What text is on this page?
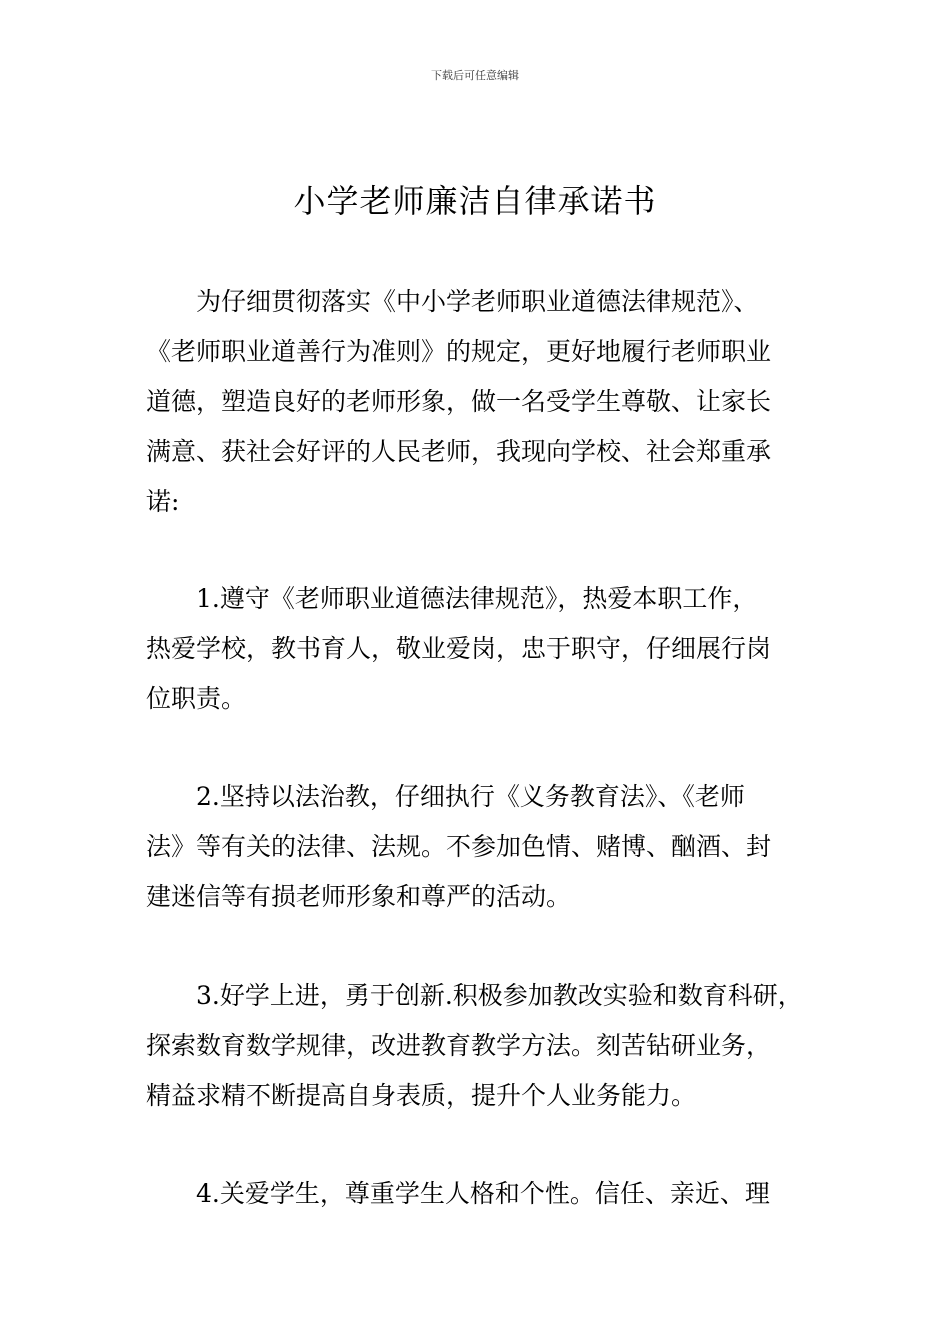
下载后可任意编辑
小学老师廉洁自律承诺书
为仔细贯彻落实《中小学老师职业道德法律规范》、
《老师职业道善行为准则》的规定，更好地履行老师职业
道德，塑造良好的老师形象，做一名受学生尊敬、让家长
满意、获社会好评的人民老师，我现向学校、社会郑重承
诺:
1.遵守《老师职业道德法律规范》，热爱本职工作，
热爱学校，教书育人，敬业爱岗，忠于职守，仔细展行岗
位职责。
2.坚持以法治教，仔细执行《义务教育法》、《老师
法》等有关的法律、法规。不参加色情、赌博、酗酒、封
建迷信等有损老师形象和尊严的活动。
3.好学上进，勇于创新.积极参加教改实验和数育科研，
探索数育数学规律，改进教育教学方法。刻苦钻研业务，
精益求精不断提高自身表质，提升个人业务能力。
4.关爱学生，尊重学生人格和个性。信任、亲近、理
